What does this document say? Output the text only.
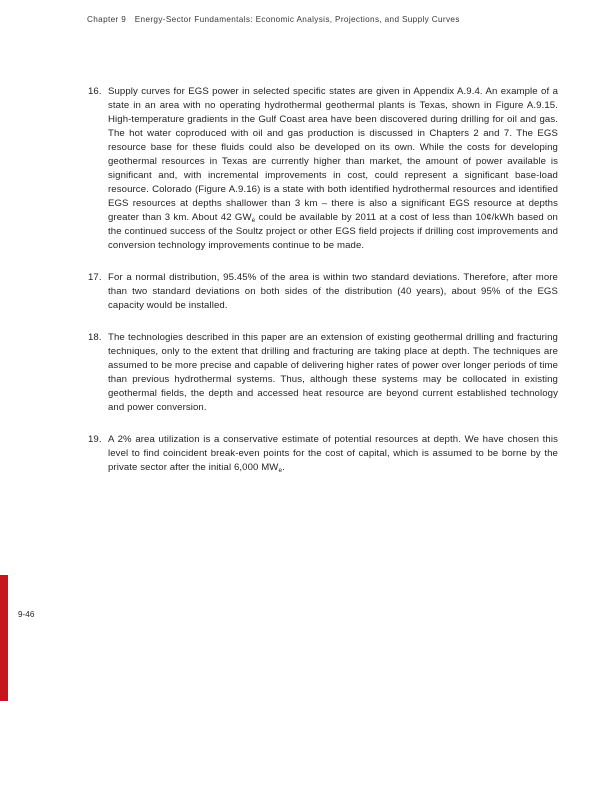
Chapter 9 Energy-Sector Fundamentals: Economic Analysis, Projections, and Supply Curves
16. Supply curves for EGS power in selected specific states are given in Appendix A.9.4. An example of a state in an area with no operating hydrothermal geothermal plants is Texas, shown in Figure A.9.15. High-temperature gradients in the Gulf Coast area have been discovered during drilling for oil and gas. The hot water coproduced with oil and gas production is discussed in Chapters 2 and 7. The EGS resource base for these fluids could also be developed on its own. While the costs for developing geothermal resources in Texas are currently higher than market, the amount of power available is significant and, with incremental improvements in cost, could represent a significant base-load resource. Colorado (Figure A.9.16) is a state with both identified hydrothermal resources and identified EGS resources at depths shallower than 3 km – there is also a significant EGS resource at depths greater than 3 km. About 42 $GW_e$ could be available by 2011 at a cost of less than 10¢/kWh based on the continued success of the Soultz project or other EGS field projects if drilling cost improvements and conversion technology improvements continue to be made.
17. For a normal distribution, 95.45% of the area is within two standard deviations. Therefore, after more than two standard deviations on both sides of the distribution (40 years), about 95% of the EGS capacity would be installed.
18. The technologies described in this paper are an extension of existing geothermal drilling and fracturing techniques, only to the extent that drilling and fracturing are taking place at depth. The techniques are assumed to be more precise and capable of delivering higher rates of power over longer periods of time than previous hydrothermal systems. Thus, although these systems may be collocated in existing geothermal fields, the depth and accessed heat resource are beyond current established technology and power conversion.
19. A 2% area utilization is a conservative estimate of potential resources at depth. We have chosen this level to find coincident break-even points for the cost of capital, which is assumed to be borne by the private sector after the initial 6,000 $MW_e$.
9-46
